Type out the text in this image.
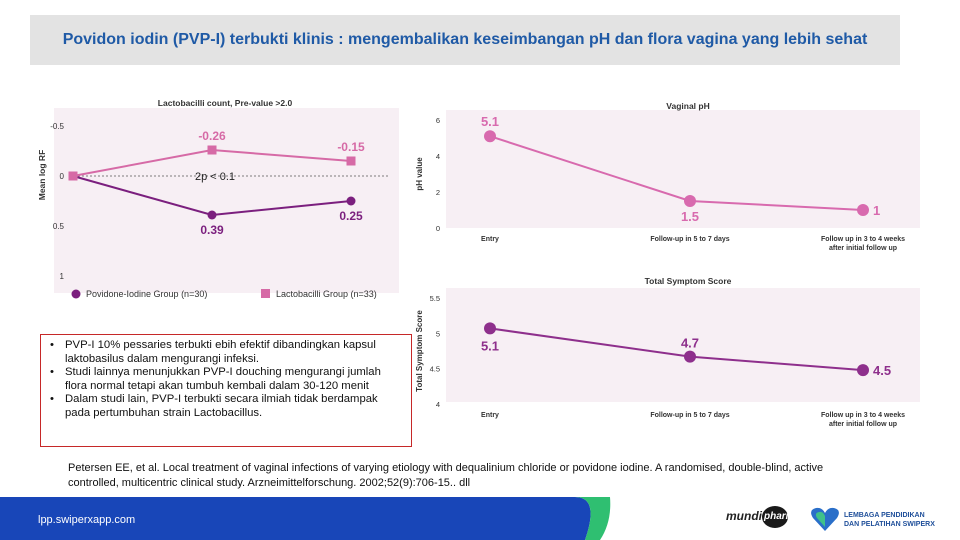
Povidon iodin (PVP-I) terbukti klinis : mengembalikan keseimbangan pH dan flora vagina yang lebih sehat
Lactobacilli count, Pre-value >2.0
Mean log RF
-0.5
0
0.5
1
2p < 0.1
0.39
0.25
-0.26
-0.15
Povidone-Iodine Group (n=30)	Lactobacilli Group (n=33)
Vaginal pH
pH value
6
4
2
0
Entry	Follow-up in 5 to 7 days	Follow up in 3 to 4 weeks
after initial follow up
5.1
1.5	1
Total Symptom Score
Total Symptom Score
5.5
5
4.5
4
Entry	Follow-up in 5 to 7 days	Follow up in 3 to 4 weeks
after initial follow up
5.1	4.7
4.5
• PVP-I 10% pessaries terbukti ebih efektif dibandingkan kapsul laktobasilus dalam mengurangi infeksi.
• Studi lainnya menunjukkan PVP-I douching mengurangi jumlah flora normal tetapi akan tumbuh kembali dalam 30-120 menit
• Dalam studi lain, PVP-I terbukti secara ilmiah tidak berdampak pada pertumbuhan strain Lactobacillus.
Petersen EE, et al. Local treatment of vaginal infections of varying etiology with dequalinium chloride or povidone iodine. A randomised, double-blind, active controlled, multicentric clinical study. Arzneimittelforschung. 2002;52(9):706-15.. dll
lpp.swiperxapp.com	mundi pharma	LEMBAGA PENDIDIKAN
DAN PELATIHAN SWIPERX
